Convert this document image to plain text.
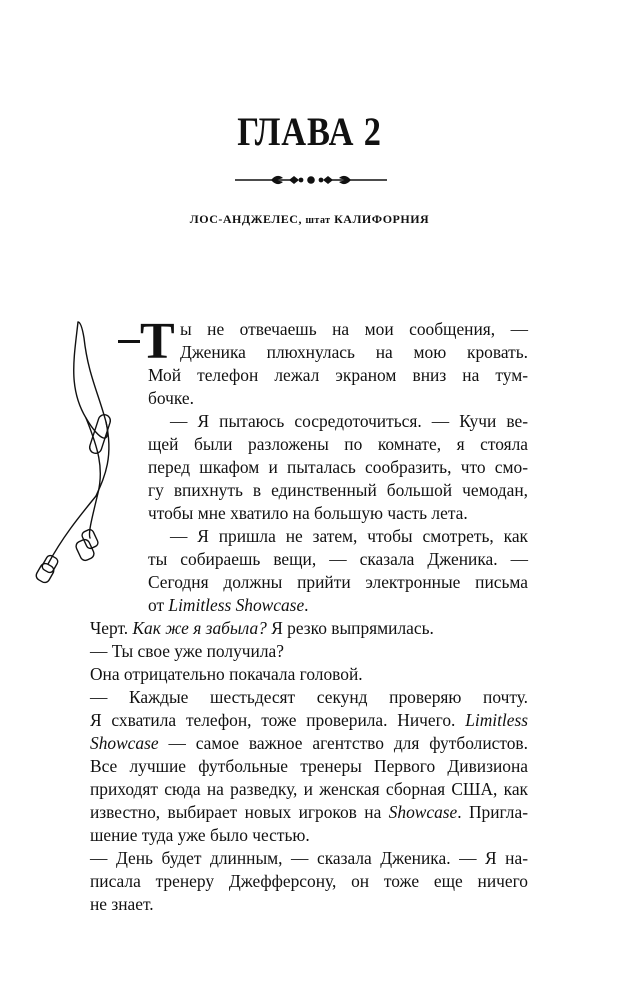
ГЛАВА 2
ЛОС-АНДЖЕЛЕС, штат КАЛИФОРНИЯ
Т ы не отвечаешь на мои сообщения, —
Дженика плюхнулась на мою кровать.
Мой телефон лежал экраном вниз на тум-
бочке.
— Я пытаюсь сосредоточиться. — Кучи ве-
щей были разложены по комнате, я стояла
перед шкафом и пыталась сообразить, что смо-
гу впихнуть в единственный большой чемодан,
чтобы мне хватило на большую часть лета.
— Я пришла не затем, чтобы смотреть, как
ты собираешь вещи, — сказала Дженика. —
Сегодня должны прийти электронные письма
от Limitless Showcase.
Черт. Как же я забыла? Я резко выпрямилась.
— Ты свое уже получила?
Она отрицательно покачала головой.
— Каждые шестьдесят секунд проверяю почту.
Я схватила телефон, тоже проверила. Ничего. Limitless
Showcase — самое важное агентство для футболистов.
Все лучшие футбольные тренеры Первого Дивизиона
приходят сюда на разведку, и женская сборная США, как
известно, выбирает новых игроков на Showcase. Пригла-
шение туда уже было честью.
— День будет длинным, — сказала Дженика. — Я на-
писала тренеру Джефферсону, он тоже еще ничего
не знает.
